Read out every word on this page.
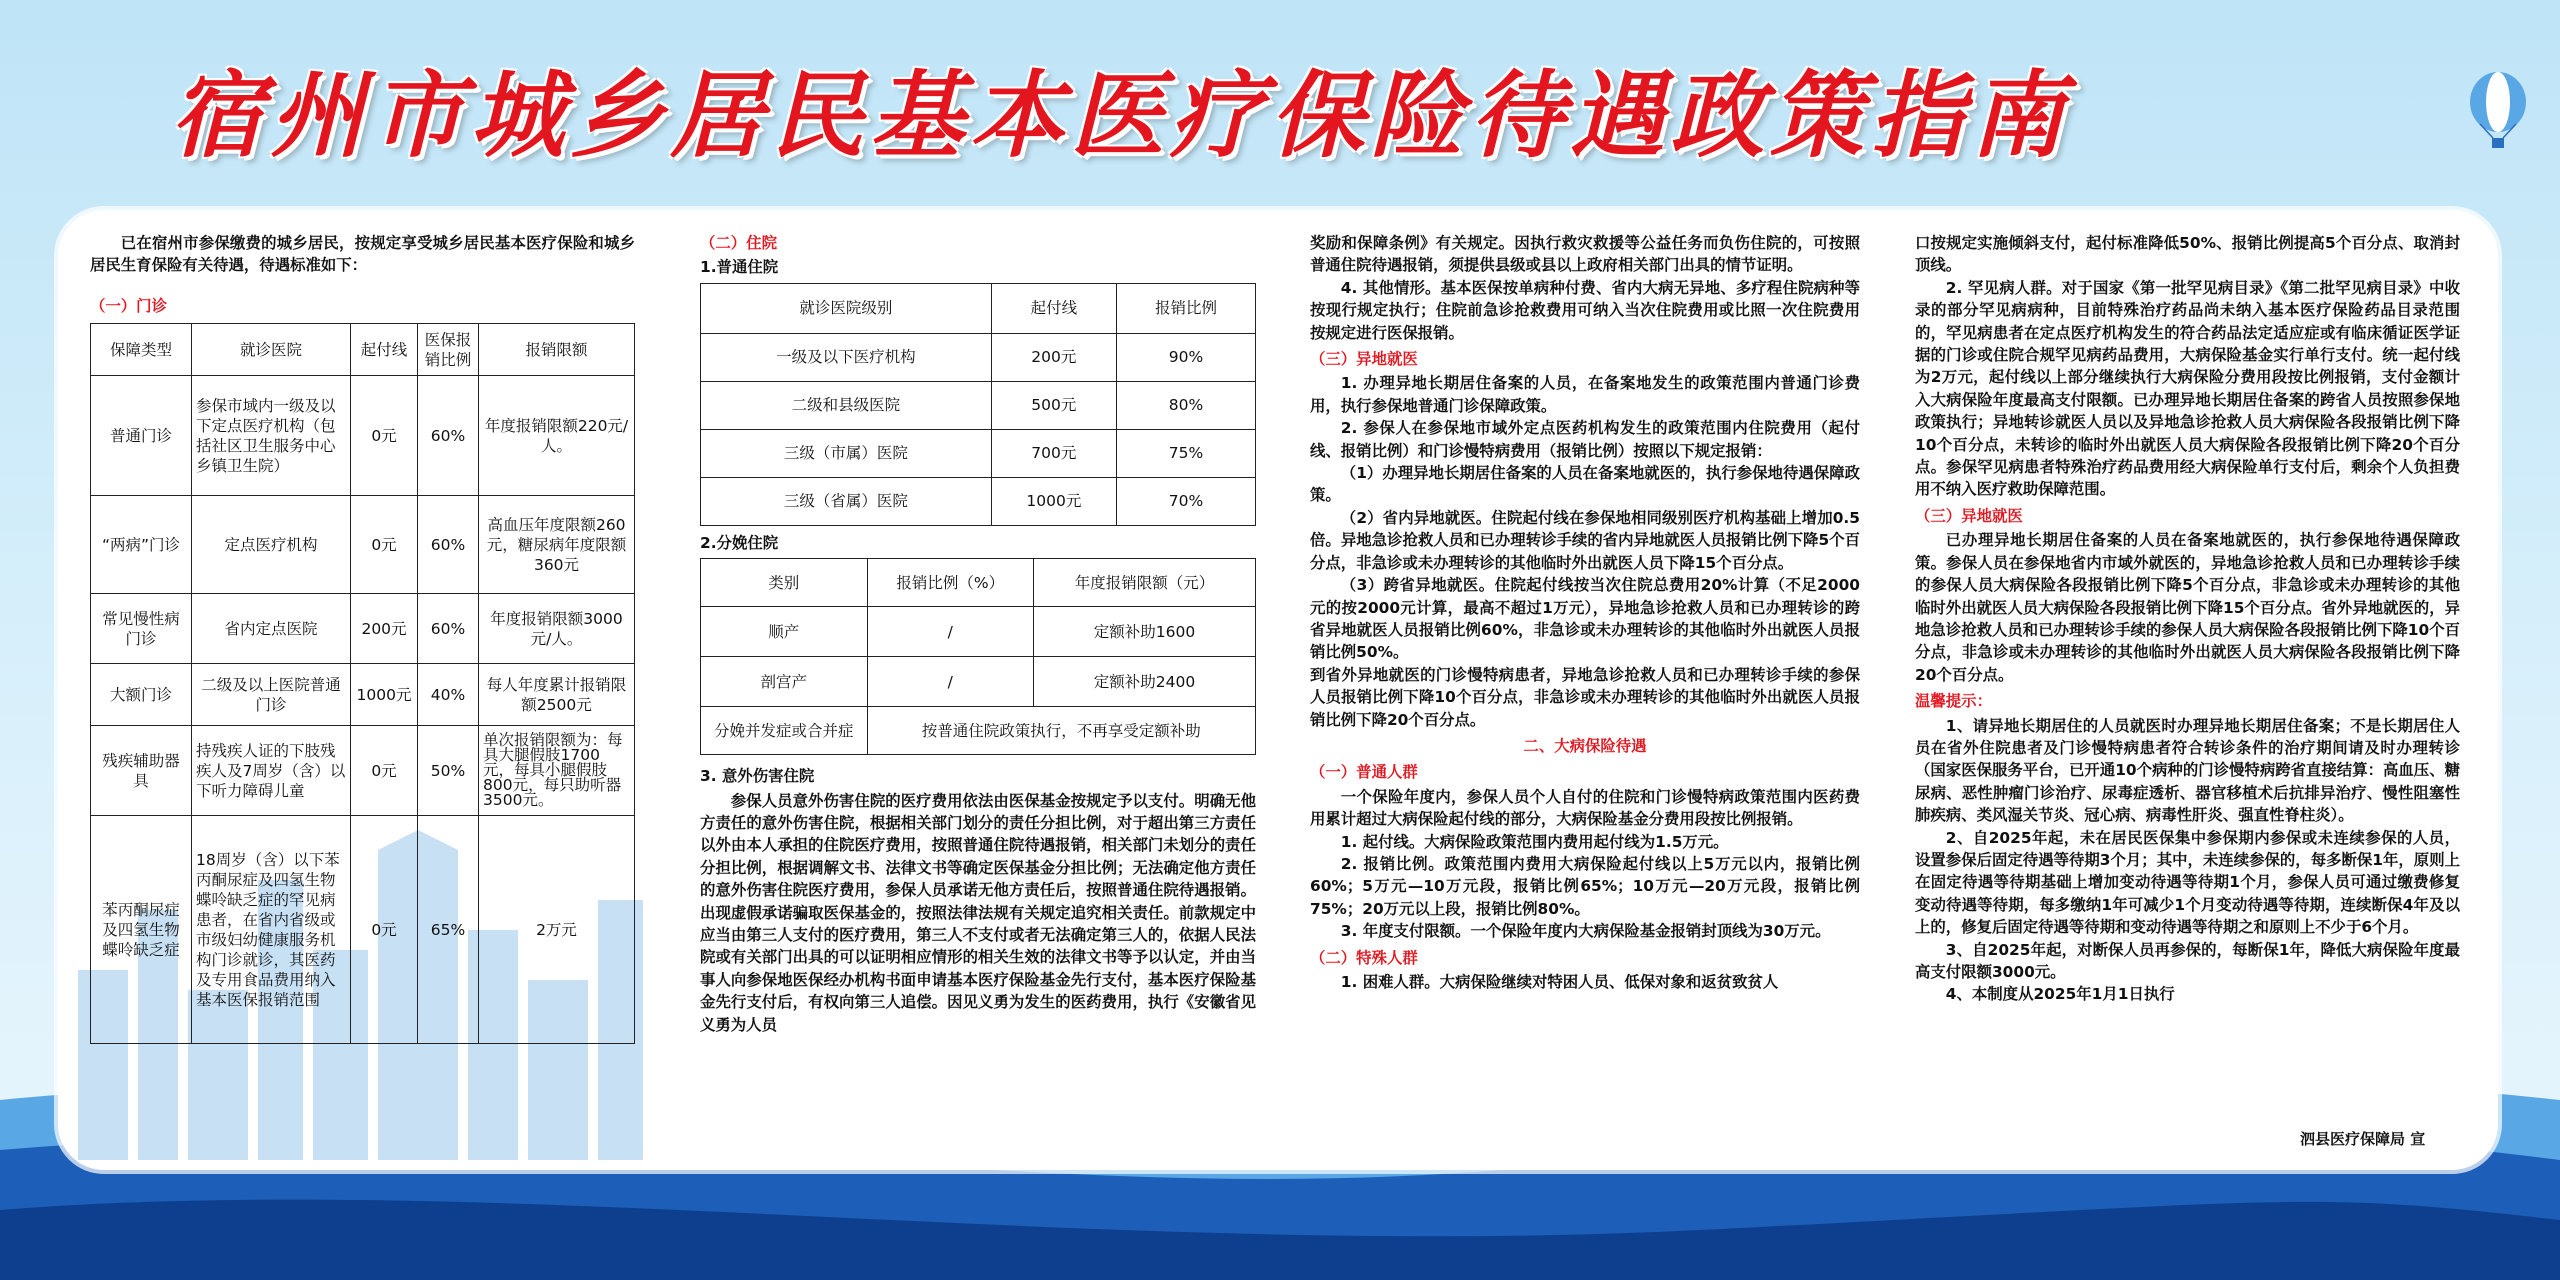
宿州市城乡居民基本医疗保险待遇政策指南

已在宿州市参保缴费的城乡居民，按规定享受城乡居民基本医疗保险和城乡居民生育保险有关待遇，待遇标准如下：

（一）门诊
保障类型	就诊医院	起付线	医保报销比例	报销限额
普通门诊	参保市域内一级及以下定点医疗机构（包括社区卫生服务中心乡镇卫生院）	0元	60%	年度报销限额220元/人。
“两病”门诊	定点医疗机构	0元	60%	高血压年度限额260元，糖尿病年度限额360元
常见慢性病门诊	省内定点医院	200元	60%	年度报销限额3000元/人。
大额门诊	二级及以上医院普通门诊	1000元	40%	每人年度累计报销限额2500元
残疾辅助器具	持残疾人证的下肢残疾人及7周岁（含）以下听力障碍儿童	0元	50%	单次报销限额为：每具大腿假肢1700元，每具小腿假肢800元，每只助听器3500元。
苯丙酮尿症及四氢生物蝶呤缺乏症	18周岁（含）以下苯丙酮尿症及四氢生物蝶呤缺乏症的罕见病患者，在省内省级或市级妇幼健康服务机构门诊就诊，其医药及专用食品费用纳入基本医保报销范围	0元	65%	2万元
（二）住院
1.普通住院
就诊医院级别	起付线	报销比例
一级及以下医疗机构	200元	90%
二级和县级医院	500元	80%
三级（市属）医院	700元	75%
三级（省属）医院	1000元	70%
2.分娩住院
类别	报销比例（%）	年度报销限额（元）
顺产	/	定额补助1600
剖宫产	/	定额补助2400
分娩并发症或合并症	按普通住院政策执行，不再享受定额补助	
3. 意外伤害住院

参保人员意外伤害住院的医疗费用依法由医保基金按规定予以支付。明确无他方责任的意外伤害住院，根据相关部门划分的责任分担比例，对于超出第三方责任以外由本人承担的住院医疗费用，按照普通住院待遇报销，相关部门未划分的责任分担比例，根据调解文书、法律文书等确定医保基金分担比例；无法确定他方责任的意外伤害住院医疗费用，参保人员承诺无他方责任后，按照普通住院待遇报销。出现虚假承诺骗取医保基金的，按照法律法规有关规定追究相关责任。前款规定中应当由第三人支付的医疗费用，第三人不支付或者无法确定第三人的，依据人民法院或有关部门出具的可以证明相应情形的相关生效的法律文书等予以认定，并由当事人向参保地医保经办机构书面申请基本医疗保险基金先行支付，基本医疗保险基金先行支付后，有权向第三人追偿。因见义勇为发生的医药费用，执行《安徽省见义勇为人员

奖励和保障条例》有关规定。因执行救灾救援等公益任务而负伤住院的，可按照普通住院待遇报销，须提供县级或县以上政府相关部门出具的情节证明。

4. 其他情形。基本医保按单病种付费、省内大病无异地、多疗程住院病种等按现行规定执行；住院前急诊抢救费用可纳入当次住院费用或比照一次住院费用按规定进行医保报销。

（三）异地就医

1. 办理异地长期居住备案的人员，在备案地发生的政策范围内普通门诊费用，执行参保地普通门诊保障政策。

2. 参保人在参保地市域外定点医药机构发生的政策范围内住院费用（起付线、报销比例）和门诊慢特病费用（报销比例）按照以下规定报销：

（1）办理异地长期居住备案的人员在备案地就医的，执行参保地待遇保障政策。

（2）省内异地就医。住院起付线在参保地相同级别医疗机构基础上增加0.5倍。异地急诊抢救人员和已办理转诊手续的省内异地就医人员报销比例下降5个百分点，非急诊或未办理转诊的其他临时外出就医人员下降15个百分点。

（3）跨省异地就医。住院起付线按当次住院总费用20%计算（不足2000元的按2000元计算，最高不超过1万元），异地急诊抢救人员和已办理转诊的跨省异地就医人员报销比例60%，非急诊或未办理转诊的其他临时外出就医人员报销比例50%。

到省外异地就医的门诊慢特病患者，异地急诊抢救人员和已办理转诊手续的参保人员报销比例下降10个百分点，非急诊或未办理转诊的其他临时外出就医人员报销比例下降20个百分点。

二、大病保险待遇
（一）普通人群

一个保险年度内，参保人员个人自付的住院和门诊慢特病政策范围内医药费用累计超过大病保险起付线的部分，大病保险基金分费用段按比例报销。

1. 起付线。大病保险政策范围内费用起付线为1.5万元。

2. 报销比例。政策范围内费用大病保险起付线以上5万元以内，报销比例60%；5万元—10万元段，报销比例65%；10万元—20万元段，报销比例75%；20万元以上段，报销比例80%。

3. 年度支付限额。一个保险年度内大病保险基金报销封顶线为30万元。

（二）特殊人群

1. 困难人群。大病保险继续对特困人员、低保对象和返贫致贫人

口按规定实施倾斜支付，起付标准降低50%、报销比例提高5个百分点、取消封顶线。

2. 罕见病人群。对于国家《第一批罕见病目录》《第二批罕见病目录》中收录的部分罕见病病种，目前特殊治疗药品尚未纳入基本医疗保险药品目录范围的，罕见病患者在定点医疗机构发生的符合药品法定适应症或有临床循证医学证据的门诊或住院合规罕见病药品费用，大病保险基金实行单行支付。统一起付线为2万元，起付线以上部分继续执行大病保险分费用段按比例报销，支付金额计入大病保险年度最高支付限额。已办理异地长期居住备案的跨省人员按照参保地政策执行；异地转诊就医人员以及异地急诊抢救人员大病保险各段报销比例下降10个百分点，未转诊的临时外出就医人员大病保险各段报销比例下降20个百分点。参保罕见病患者特殊治疗药品费用经大病保险单行支付后，剩余个人负担费用不纳入医疗救助保障范围。

（三）异地就医

已办理异地长期居住备案的人员在备案地就医的，执行参保地待遇保障政策。参保人员在参保地省内市域外就医的，异地急诊抢救人员和已办理转诊手续的参保人员大病保险各段报销比例下降5个百分点，非急诊或未办理转诊的其他临时外出就医人员大病保险各段报销比例下降15个百分点。省外异地就医的，异地急诊抢救人员和已办理转诊手续的参保人员大病保险各段报销比例下降10个百分点，非急诊或未办理转诊的其他临时外出就医人员大病保险各段报销比例下降20个百分点。

温馨提示：

1、请异地长期居住的人员就医时办理异地长期居住备案；不是长期居住人员在省外住院患者及门诊慢特病患者符合转诊条件的治疗期间请及时办理转诊（国家医保服务平台，已开通10个病种的门诊慢特病跨省直接结算：高血压、糖尿病、恶性肿瘤门诊治疗、尿毒症透析、器官移植术后抗排异治疗、慢性阻塞性肺疾病、类风湿关节炎、冠心病、病毒性肝炎、强直性脊柱炎）。

2、自2025年起，未在居民医保集中参保期内参保或未连续参保的人员，设置参保后固定待遇等待期3个月；其中，未连续参保的，每多断保1年，原则上在固定待遇等待期基础上增加变动待遇等待期1个月，参保人员可通过缴费修复变动待遇等待期，每多缴纳1年可减少1个月变动待遇等待期，连续断保4年及以上的，修复后固定待遇等待期和变动待遇等待期之和原则上不少于6个月。

3、自2025年起，对断保人员再参保的，每断保1年，降低大病保险年度最高支付限额3000元。

4、本制度从2025年1月1日执行

泗县医疗保障局 宣
